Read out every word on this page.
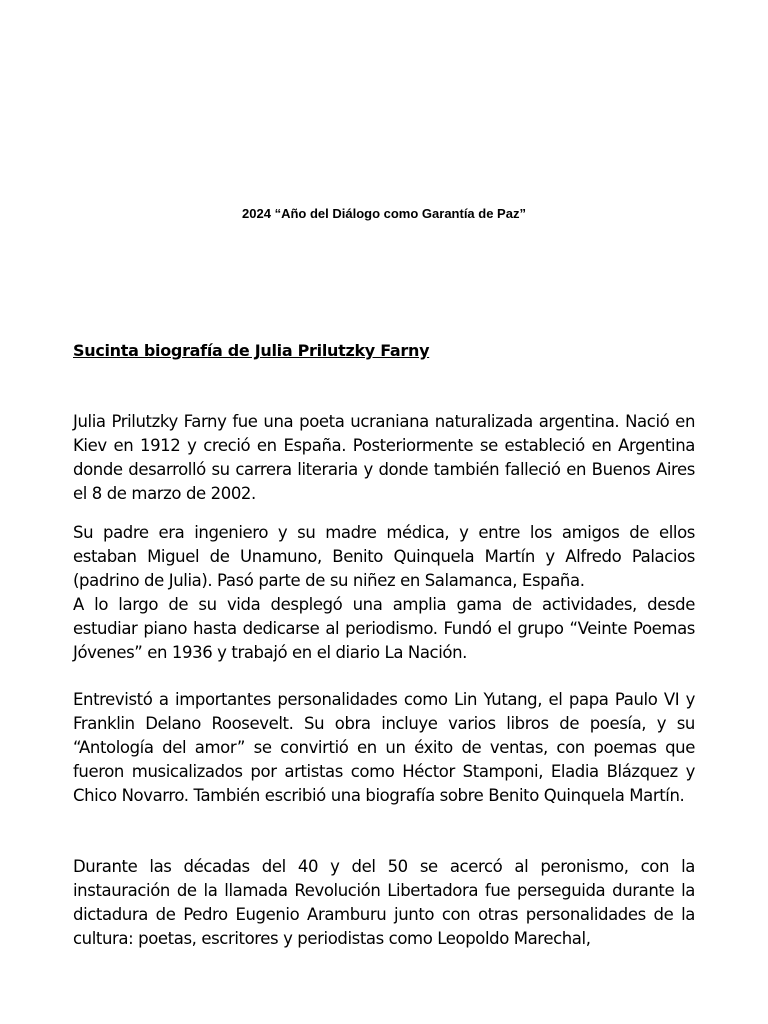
2024 “Año del Diálogo como Garantía de Paz”
Sucinta biografía de Julia Prilutzky Farny

Julia Prilutzky Farny fue una poeta ucraniana naturalizada argentina. Nació en Kiev en 1912 y creció en España. Posteriormente se estableció en Argentina donde desarrolló su carrera literaria y donde también falleció en Buenos Aires el 8 de marzo de 2002.

Su padre era ingeniero y su madre médica, y entre los amigos de ellos estaban Miguel de Unamuno, Benito Quinquela Martín y Alfredo Palacios (padrino de Julia). Pasó parte de su niñez en Salamanca, España.

A lo largo de su vida desplegó una amplia gama de actividades, desde estudiar piano hasta dedicarse al periodismo. Fundó el grupo “Veinte Poemas Jóvenes” en 1936 y trabajó en el diario La Nación.

Entrevistó a importantes personalidades como Lin Yutang, el papa Paulo VI y Franklin Delano Roosevelt. Su obra incluye varios libros de poesía, y su “Antología del amor” se convirtió en un éxito de ventas, con poemas que fueron musicalizados por artistas como Héctor Stamponi, Eladia Blázquez y Chico Novarro. También escribió una biografía sobre Benito Quinquela Martín.

Durante las décadas del 40 y del 50 se acercó al peronismo, con la instauración de la llamada Revolución Libertadora fue perseguida durante la dictadura de Pedro Eugenio Aramburu junto con otras personalidades de la cultura: poetas, escritores y periodistas como Leopoldo Marechal,
